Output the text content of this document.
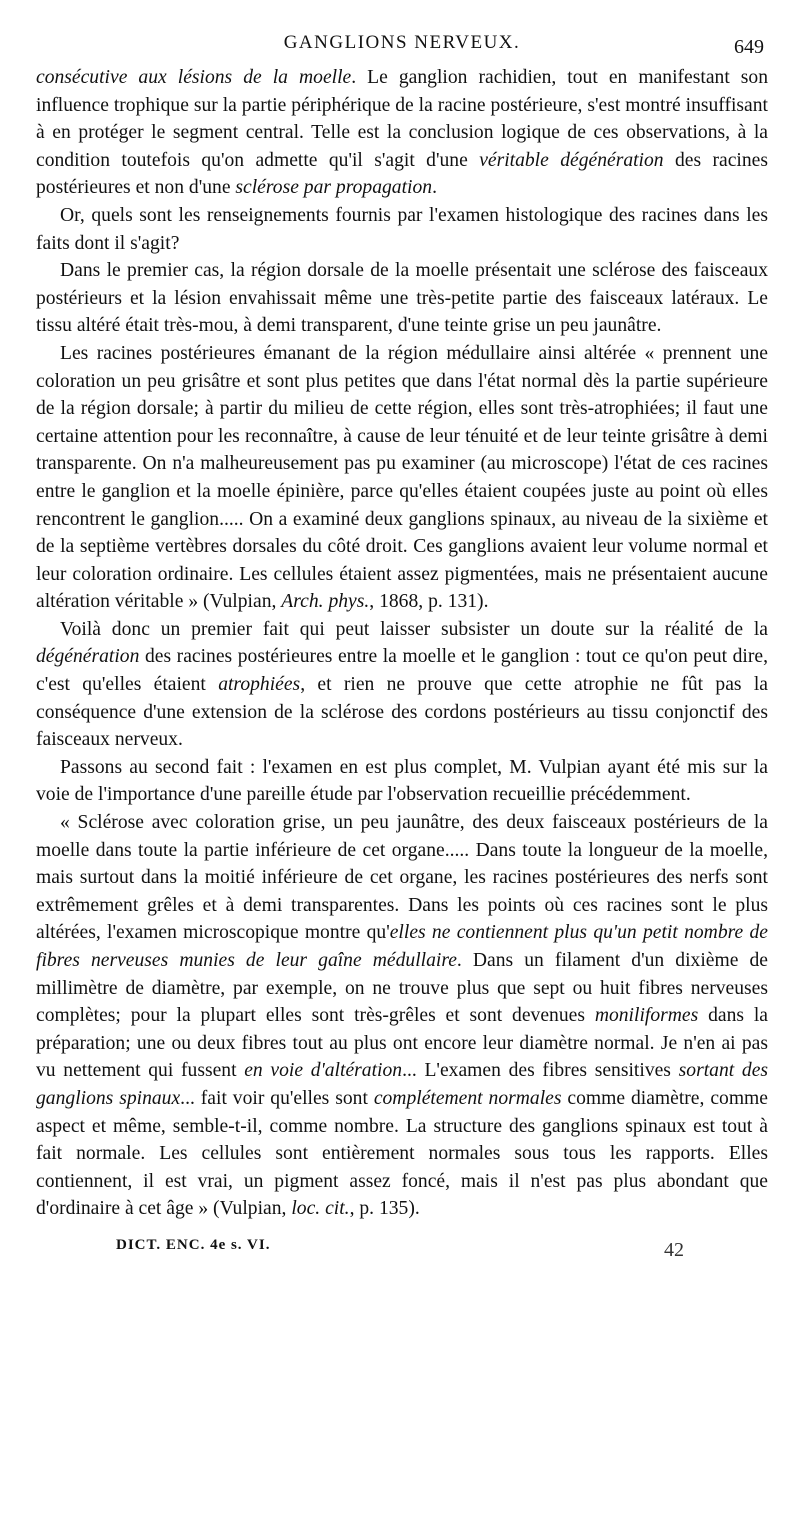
GANGLIONS NERVEUX.	649

consécutive aux lésions de la moelle. Le ganglion rachidien, tout en manifestant son influence trophique sur la partie périphérique de la racine postérieure, s'est montré insuffisant à en protéger le segment central. Telle est la conclusion logique de ces observations, à la condition toutefois qu'on admette qu'il s'agit d'une véritable dégénération des racines postérieures et non d'une sclérose par propagation.

Or, quels sont les renseignements fournis par l'examen histologique des racines dans les faits dont il s'agit?

Dans le premier cas, la région dorsale de la moelle présentait une sclérose des faisceaux postérieurs et la lésion envahissait même une très-petite partie des faisceaux latéraux. Le tissu altéré était très-mou, à demi transparent, d'une teinte grise un peu jaunâtre.

Les racines postérieures émanant de la région médullaire ainsi altérée « prennent une coloration un peu grisâtre et sont plus petites que dans l'état normal dès la partie supérieure de la région dorsale; à partir du milieu de cette région, elles sont très-atrophiées; il faut une certaine attention pour les reconnaître, à cause de leur ténuité et de leur teinte grisâtre à demi transparente. On n'a malheureusement pas pu examiner (au microscope) l'état de ces racines entre le ganglion et la moelle épinière, parce qu'elles étaient coupées juste au point où elles rencontrent le ganglion..... On a examiné deux ganglions spinaux, au niveau de la sixième et de la septième vertèbres dorsales du côté droit. Ces ganglions avaient leur volume normal et leur coloration ordinaire. Les cellules étaient assez pigmentées, mais ne présentaient aucune altération véritable » (Vulpian, Arch. phys., 1868, p. 131).

Voilà donc un premier fait qui peut laisser subsister un doute sur la réalité de la dégénération des racines postérieures entre la moelle et le ganglion : tout ce qu'on peut dire, c'est qu'elles étaient atrophiées, et rien ne prouve que cette atrophie ne fût pas la conséquence d'une extension de la sclérose des cordons postérieurs au tissu conjonctif des faisceaux nerveux.

Passons au second fait : l'examen en est plus complet, M. Vulpian ayant été mis sur la voie de l'importance d'une pareille étude par l'observation recueillie précédemment.

« Sclérose avec coloration grise, un peu jaunâtre, des deux faisceaux postérieurs de la moelle dans toute la partie inférieure de cet organe..... Dans toute la longueur de la moelle, mais surtout dans la moitié inférieure de cet organe, les racines postérieures des nerfs sont extrêmement grêles et à demi transparentes. Dans les points où ces racines sont le plus altérées, l'examen microscopique montre qu'elles ne contiennent plus qu'un petit nombre de fibres nerveuses munies de leur gaîne médullaire. Dans un filament d'un dixième de millimètre de diamètre, par exemple, on ne trouve plus que sept ou huit fibres nerveuses complètes; pour la plupart elles sont très-grêles et sont devenues moniliformes dans la préparation; une ou deux fibres tout au plus ont encore leur diamètre normal. Je n'en ai pas vu nettement qui fussent en voie d'altération... L'examen des fibres sensitives sortant des ganglions spinaux... fait voir qu'elles sont complétement normales comme diamètre, comme aspect et même, semble-t-il, comme nombre. La structure des ganglions spinaux est tout à fait normale. Les cellules sont entièrement normales sous tous les rapports. Elles contiennent, il est vrai, un pigment assez foncé, mais il n'est pas plus abondant que d'ordinaire à cet âge » (Vulpian, loc. cit., p. 135).

DICT. ENC. 4e s. VI.	42
